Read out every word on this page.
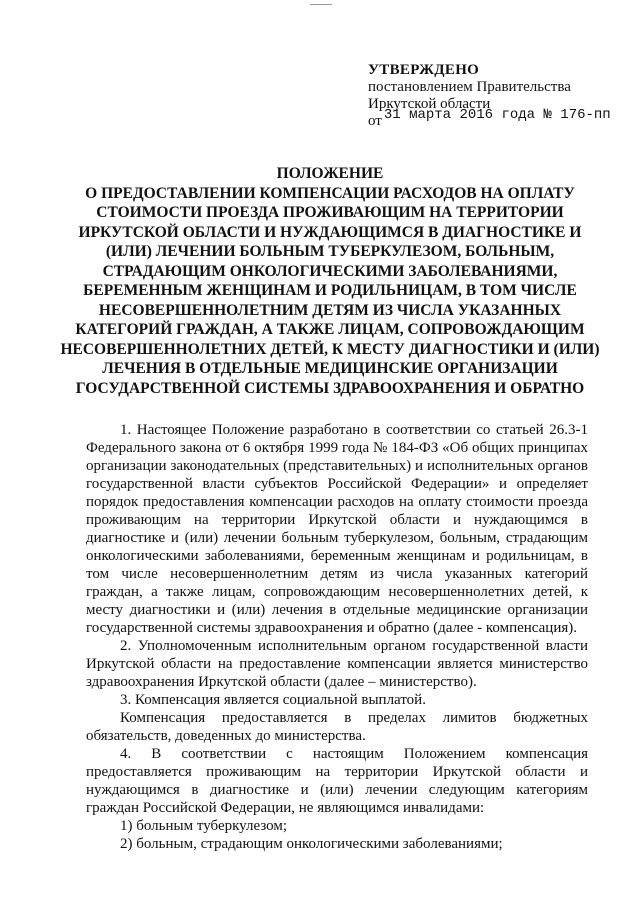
УТВЕРЖДЕНО
постановлением Правительства
Иркутской области
от 31 марта 2016 года № 176-пп
ПОЛОЖЕНИЕ
О ПРЕДОСТАВЛЕНИИ КОМПЕНСАЦИИ РАСХОДОВ НА ОПЛАТУ СТОИМОСТИ ПРОЕЗДА ПРОЖИВАЮЩИМ НА ТЕРРИТОРИИ ИРКУТСКОЙ ОБЛАСТИ И НУЖДАЮЩИМСЯ В ДИАГНОСТИКЕ И (ИЛИ) ЛЕЧЕНИИ БОЛЬНЫМ ТУБЕРКУЛЕЗОМ, БОЛЬНЫМ, СТРАДАЮЩИМ ОНКОЛОГИЧЕСКИМИ ЗАБОЛЕВАНИЯМИ, БЕРЕМЕННЫМ ЖЕНЩИНАМ И РОДИЛЬНИЦАМ, В ТОМ ЧИСЛЕ НЕСОВЕРШЕННОЛЕТНИМ ДЕТЯМ ИЗ ЧИСЛА УКАЗАННЫХ КАТЕГОРИЙ ГРАЖДАН, А ТАКЖЕ ЛИЦАМ, СОПРОВОЖДАЮЩИМ НЕСОВЕРШЕННОЛЕТНИХ ДЕТЕЙ, К МЕСТУ ДИАГНОСТИКИ И (ИЛИ) ЛЕЧЕНИЯ В ОТДЕЛЬНЫЕ МЕДИЦИНСКИЕ ОРГАНИЗАЦИИ ГОСУДАРСТВЕННОЙ СИСТЕМЫ ЗДРАВООХРАНЕНИЯ И ОБРАТНО

1. Настоящее Положение разработано в соответствии со статьей 26.3-1 Федерального закона от 6 октября 1999 года № 184-ФЗ «Об общих принципах организации законодательных (представительных) и исполнительных органов государственной власти субъектов Российской Федерации» и определяет порядок предоставления компенсации расходов на оплату стоимости проезда проживающим на территории Иркутской области и нуждающимся в диагностике и (или) лечении больным туберкулезом, больным, страдающим онкологическими заболеваниями, беременным женщинам и родильницам, в том числе несовершеннолетним детям из числа указанных категорий граждан, а также лицам, сопровождающим несовершеннолетних детей, к месту диагностики и (или) лечения в отдельные медицинские организации государственной системы здравоохранения и обратно (далее - компенсация).

2. Уполномоченным исполнительным органом государственной власти Иркутской области на предоставление компенсации является министерство здравоохранения Иркутской области (далее – министерство).

3. Компенсация является социальной выплатой.

Компенсация предоставляется в пределах лимитов бюджетных обязательств, доведенных до министерства.

4. В соответствии с настоящим Положением компенсация предоставляется проживающим на территории Иркутской области и нуждающимся в диагностике и (или) лечении следующим категориям граждан Российской Федерации, не являющимся инвалидами:

1) больным туберкулезом;

2) больным, страдающим онкологическими заболеваниями;
